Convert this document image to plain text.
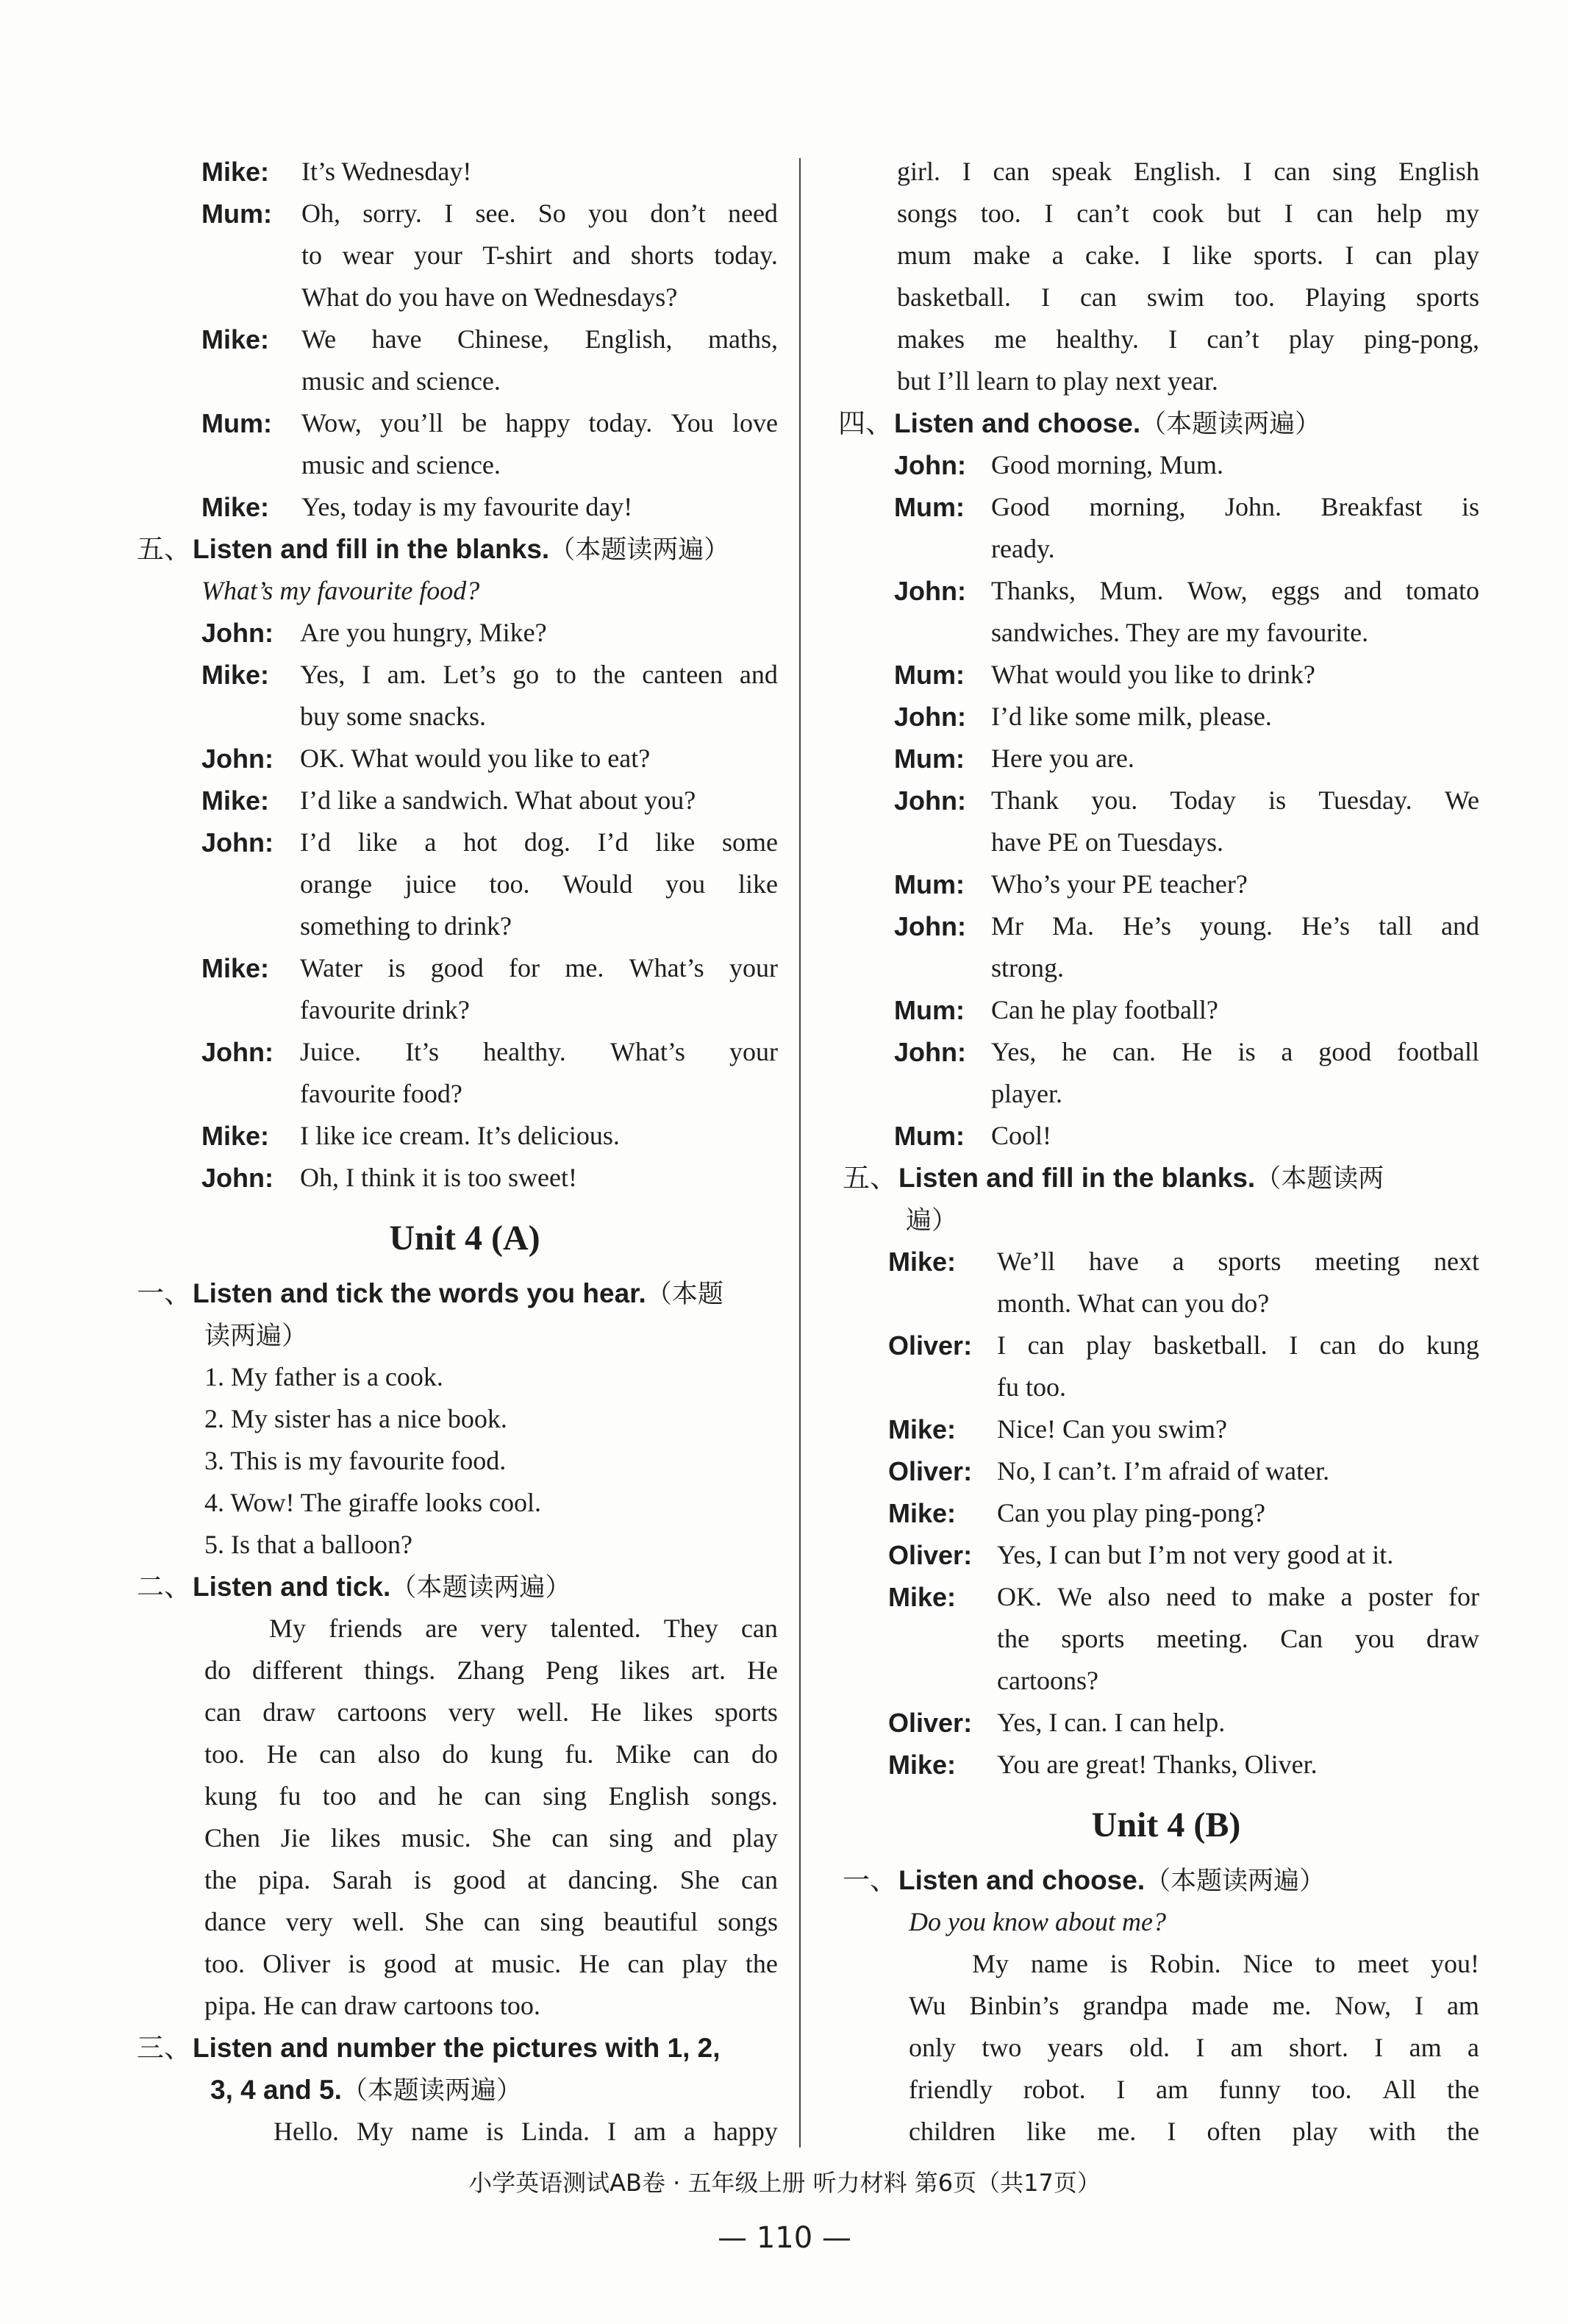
Mike:	It’s Wednesday!
Mum:	Oh, sorry. I see. So you don’t need
to wear your T-shirt and shorts today.
What do you have on Wednesdays?
Mike:	We have Chinese, English, maths,
music and science.
Mum:	Wow, you’ll be happy today. You love
music and science.
Mike:	Yes, today is my favourite day!
五、Listen and fill in the blanks.（本题读两遍）
What’s my favourite food?
John:	Are you hungry, Mike?
Mike:	Yes, I am. Let’s go to the canteen and
buy some snacks.
John:	OK. What would you like to eat?
Mike:	I’d like a sandwich. What about you?
John:	I’d like a hot dog. I’d like some
orange juice too. Would you like
something to drink?
Mike:	Water is good for me. What’s your
favourite drink?
John:	Juice. It’s healthy. What’s your
favourite food?
Mike:	I like ice cream. It’s delicious.
John:	Oh, I think it is too sweet!
Unit 4 (A)
一、Listen and tick the words you hear.（本题
读两遍）
1. My father is a cook.
2. My sister has a nice book.
3. This is my favourite food.
4. Wow! The giraffe looks cool.
5. Is that a balloon?
二、Listen and tick.（本题读两遍）
My friends are very talented. They can
do different things. Zhang Peng likes art. He
can draw cartoons very well. He likes sports
too. He can also do kung fu. Mike can do
kung fu too and he can sing English songs.
Chen Jie likes music. She can sing and play
the pipa. Sarah is good at dancing. She can
dance very well. She can sing beautiful songs
too. Oliver is good at music. He can play the
pipa. He can draw cartoons too.
三、Listen and number the pictures with 1, 2,
3, 4 and 5.（本题读两遍）
Hello. My name is Linda. I am a happy
girl. I can speak English. I can sing English
songs too. I can’t cook but I can help my
mum make a cake. I like sports. I can play
basketball. I can swim too. Playing sports
makes me healthy. I can’t play ping-pong,
but I’ll learn to play next year.
四、Listen and choose.（本题读两遍）
John: Good morning, Mum.
Mum:	Good morning, John. Breakfast is
ready.
John: Thanks, Mum. Wow, eggs and tomato
sandwiches. They are my favourite.
Mum:	What would you like to drink?
John: I’d like some milk, please.
Mum:	Here you are.
John: Thank you. Today is Tuesday. We
have PE on Tuesdays.
Mum:	Who’s your PE teacher?
John: Mr Ma. He’s young. He’s tall and
strong.
Mum:	Can he play football?
John: Yes, he can. He is a good football
player.
Mum:	Cool!
五、Listen and fill in the blanks.（本题读两
遍）
Mike:	We’ll have a sports meeting next
month. What can you do?
Oliver: I can play basketball. I can do kung
fu too.
Mike:	Nice! Can you swim?
Oliver: No, I can’t. I’m afraid of water.
Mike:	Can you play ping-pong?
Oliver: Yes, I can but I’m not very good at it.
Mike:	OK. We also need to make a poster for
the sports meeting. Can you draw
cartoons?
Oliver: Yes, I can. I can help.
Mike:	You are great! Thanks, Oliver.
Unit 4 (B)
一、Listen and choose.（本题读两遍）
Do you know about me?
My name is Robin. Nice to meet you!
Wu Binbin’s grandpa made me. Now, I am
only two years old. I am short. I am a
friendly robot. I am funny too. All the
children like me. I often play with the
小学英语测试AB卷 · 五年级上册 听力材料 第6页（共17页）
— 110 —
